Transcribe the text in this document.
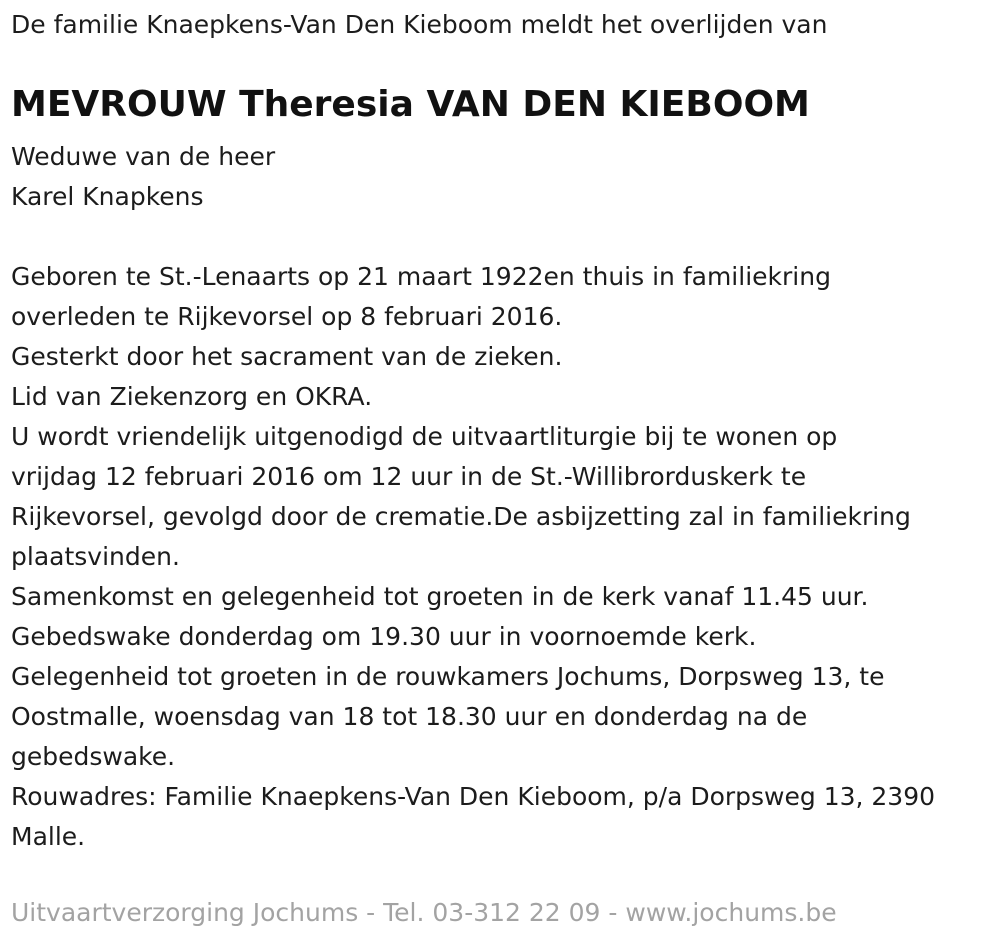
De familie Knaepkens-Van Den Kieboom meldt het overlijden van
MEVROUW Theresia VAN DEN KIEBOOM
Weduwe van de heer
Karel Knapkens
Geboren te St.-Lenaarts op 21 maart 1922en thuis in familiekring
overleden te Rijkevorsel op 8 februari 2016.
Gesterkt door het sacrament van de zieken.
Lid van Ziekenzorg en OKRA.
U wordt vriendelijk uitgenodigd de uitvaartliturgie bij te wonen op
vrijdag 12 februari 2016 om 12 uur in de St.-Willibrorduskerk te
Rijkevorsel, gevolgd door de crematie.De asbijzetting zal in familiekring
plaatsvinden.
Samenkomst en gelegenheid tot groeten in de kerk vanaf 11.45 uur.
Gebedswake donderdag om 19.30 uur in voornoemde kerk.
Gelegenheid tot groeten in de rouwkamers Jochums, Dorpsweg 13, te
Oostmalle, woensdag van 18 tot 18.30 uur en donderdag na de
gebedswake.
Rouwadres: Familie Knaepkens-Van Den Kieboom, p/a Dorpsweg 13, 2390
Malle.
Uitvaartverzorging Jochums - Tel. 03-312 22 09 - www.jochums.be
